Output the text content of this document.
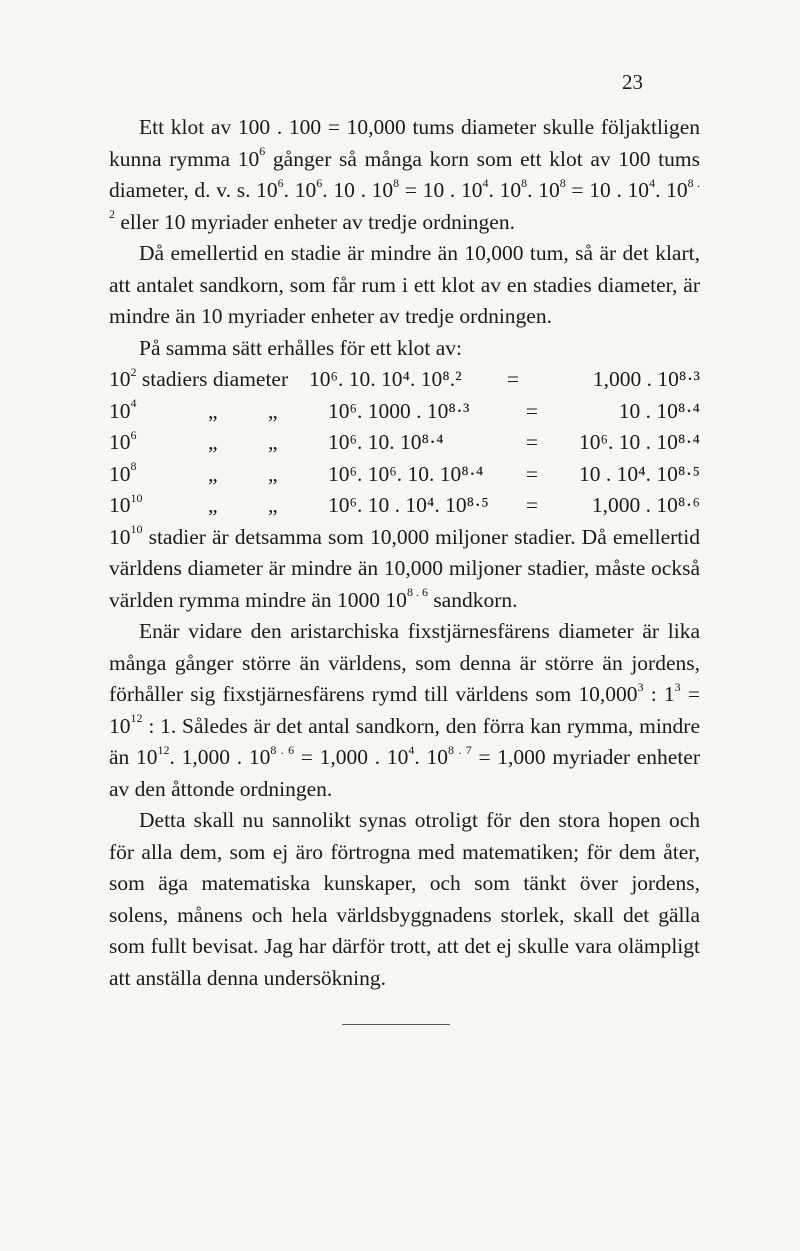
23

Ett klot av 100 . 100 = 10,000 tums diameter skulle följaktligen kunna rymma $10^6$ gånger så många korn som ett klot av 100 tums diameter, d. v. s. $10^6$. $10^6$. 10 . $10^8 = 10$ . $10^4$. $10^8$. $10^8 = 10$ . $10^4$. $10^{8 . 2}$ eller 10 myriader enheter av tredje ordningen.

Då emellertid en stadie är mindre än 10,000 tum, så är det klart, att antalet sandkorn, som får rum i ett klot av en stadies diameter, är mindre än 10 myriader enheter av tredje ordningen.

På samma sätt erhålles för ett klot av:

$10^2$ stadiers diameter 10⁶. 10. 10⁴. 10⁸.²	=	1,000 . 10⁸·³
$10^4$	„	„	10⁶. 1000 . 10⁸·³	=	10 . 10⁸·⁴
$10^6$	„	„	10⁶. 10. 10⁸·⁴	=	10⁶. 10 . 10⁸·⁴
$10^8$	„	„	10⁶. 10⁶. 10. 10⁸·⁴	=	10 . 10⁴. 10⁸·⁵
$10^{10}$	„	„	10⁶. 10 . 10⁴. 10⁸·⁵	=	1,000 . 10⁸·⁶

$10^{10}$ stadier är detsamma som 10,000 miljoner stadier. Då emellertid världens diameter är mindre än 10,000 miljoner stadier, måste också världen rymma mindre än 1000 $10^{8 . 6}$ sandkorn.

Enär vidare den aristarchiska fixstjärnesfärens diameter är lika många gånger större än världens, som denna är större än jordens, förhåller sig fixstjärnesfärens rymd till världens som 10,000$^3$ : $1^3 = 10^{12}$ : 1. Således är det antal sandkorn, den förra kan rymma, mindre än $10^{12}$. 1,000 . $10^{8 . 6} = 1,000$ . $10^4$. $10^{8 . 7} = 1,000$ myriader enheter av den åttonde ordningen.

Detta skall nu sannolikt synas otroligt för den stora hopen och för alla dem, som ej äro förtrogna med matematiken; för dem åter, som äga matematiska kunskaper, och som tänkt över jordens, solens, månens och hela världsbyggnadens storlek, skall det gälla som fullt bevisat. Jag har därför trott, att det ej skulle vara olämpligt att anställa denna undersökning.
